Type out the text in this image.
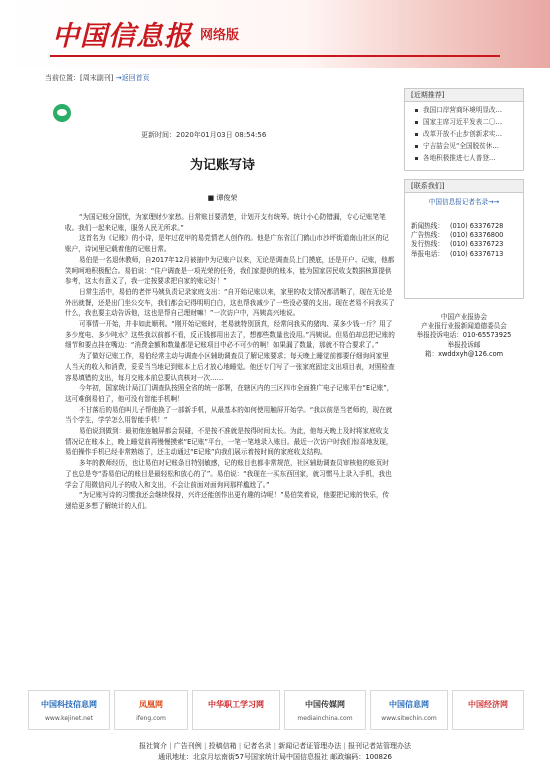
中国信息报 网络版
当前位置：[周末副刊] →返回首页
更新时间：2020年01月03日 08:54:56
为记账写诗
■ 谭俊荣

“为国记账分国忧，为家理财少家愁。日常账目要清楚，计划开支有统筹。统计小心防错漏，专心记账笔笔收。我们一起来记账，服务人民无所求。”

这首名为《记账》的小诗，是年过花甲的易党情老人创作的。他是广东省江门鹤山市沙坪街道南山社区的记账户，诗词里记载着他的记账日常。

易伯是一名退休教师，自2017年12月被抽中为记账户以来，无论是调查员上门摸底，还是开户、记账，他都笑呵呵地积极配合。易伯说：“住户调查是一项光荣的任务，我们家提供的账本，能为国家居民收支数据核算提供参考，这太有意义了，我一定按要求把自家的账记好！”

日常生活中，易伯的老伴马姨负责记录家庭支出：“自开始记账以来，家里的收支情况都清晰了，现在无论是外出就餐，还是出门坐公交车，我们都会记得明明白白，这也帮我减少了一些没必要的支出。现在老易不问我买了什么，我也要主动告诉他，这也是帮自己理财嘛！”一次访户中，冯姨高兴地说。

可事情一开始，并非如此顺利。“刚开始记账时，老易就特别顶真，经常问我买的猪肉、菜多少钱一斤？用了多少度电、多少吨水？这些我以前都不看，反正钱都用出去了，想都些数量也没用。”冯姨说。但易伯却总把记账的细节和要点挂在嘴边：“消费金额和数量都是记账项目中必不可少的啊！如果漏了数量，那就不符合要求了。”

为了做好记账工作，易伯经常主动与调查小区辅助调查员了解记账要求；每天晚上睡觉前都要仔细询问家里人当天的收入和消费，妥妥当当地记到账本上后才放心地睡觉。他还专门写了一张家庭固定支出项目表，对照检查容易填错的支出，每月交账本前总要认真核对一次……

今年初，国家统计局江门调查队按照全省的统一部署，在辖区内的三区四市全面推广电子记账平台“E记账”，这可难倒易伯了，他可没有智能手机啊！

不甘落后的易伯叫儿子帮他换了一部新手机，从最基本的如何使用触屏开始学。“我以前是当老师的，现在就当个学生，学学怎么用智能手机！”

易伯说到做到：最初他连触屏都会误碰，不是按不准就是按得时间太长。为此，他每天晚上及时将家庭收支情况记在账本上，晚上睡觉前再慢慢摸索“E记账”平台，一笔一笔地录入账目。最近一次访户时我们惊喜地发现，易伯操作手机已经非常熟练了，还主动通过“E记账”向我们展示着按时间的家庭收支结构。

多年的教师经历，也让易伯对记账条目特别敏感，记的账目也都非常规范，社区辅助调查员审核他的账页时了也总是夸“香易伯记的账目是最轻松和放心的了”。易伯说：“我现在一买东西回家，就习惯马上录入手机，我也学会了用微信问儿子的收入和支出，不会让前面对面询问那样尴尬了。”

“为记账写诗的习惯我还会继续保持，兴许还能创作出更有趣的诗呢！”易伯笑着说，他要把记账的快乐，传递给更多想了解统计的人们。

[近期推荐]
我国口岸营商环境明显改…
国家主席习近平发表二〇…
改革开放不止步创新求实…
宁吉喆会见“全国脱贫休…
各地积极推进七人普登…
[联系我们]
中国信息报记者名录→→
新闻热线： (010) 63376728
广告热线： (010) 63376800
发行热线： (010) 63376723
举报电话： (010) 63376713
中国产业报协会
产业报行业报新闻道德委员会
举报投诉电话：010-65573925
举报投诉邮
箱：xwddxyh@126.com
中国科技信息网
www.kejinet.net
凤凰网
ifeng.com
中华职工学习网	中国传媒网
mediainchina.com
中国信息网
www.sitwchin.com
中国经济网
报社简介 | 广告刊例 | 投稿信箱 | 记者名录 | 新闻记者证管理办法 | 报刊记者站管理办法
通讯地址：北京月坛南街57号国家统计局中国信息报社 邮政编码：100826
